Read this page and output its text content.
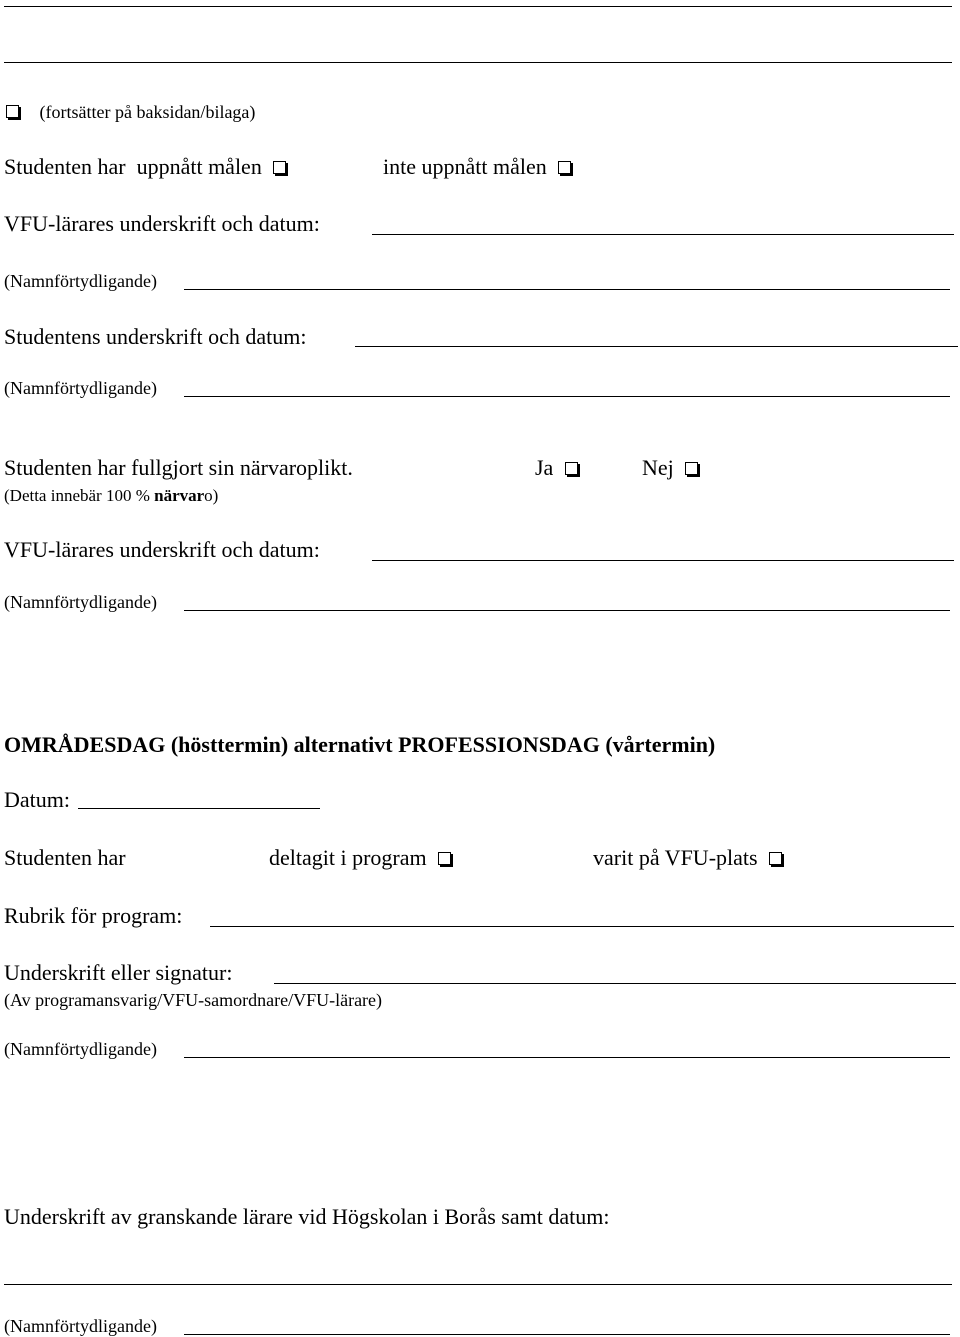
(fortsätter på baksidan/bilaga)
Studenten har  uppnått målen	inte uppnått målen
VFU-lärares underskrift och datum:
(Namnförtydligande)
Studentens underskrift och datum:
(Namnförtydligande)
Studenten har fullgjort sin närvaroplikt.	Ja	Nej
(Detta innebär 100 % närvaro)
VFU-lärares underskrift och datum:
(Namnförtydligande)
OMRÅDESDAG (hösttermin) alternativt PROFESSIONSDAG (vårtermin)
Datum:
Studenten har	deltagit i program	varit på VFU-plats
Rubrik för program:
Underskrift eller signatur:
(Av programansvarig/VFU-samordnare/VFU-lärare)
(Namnförtydligande)
Underskrift av granskande lärare vid Högskolan i Borås samt datum:
(Namnförtydligande)
